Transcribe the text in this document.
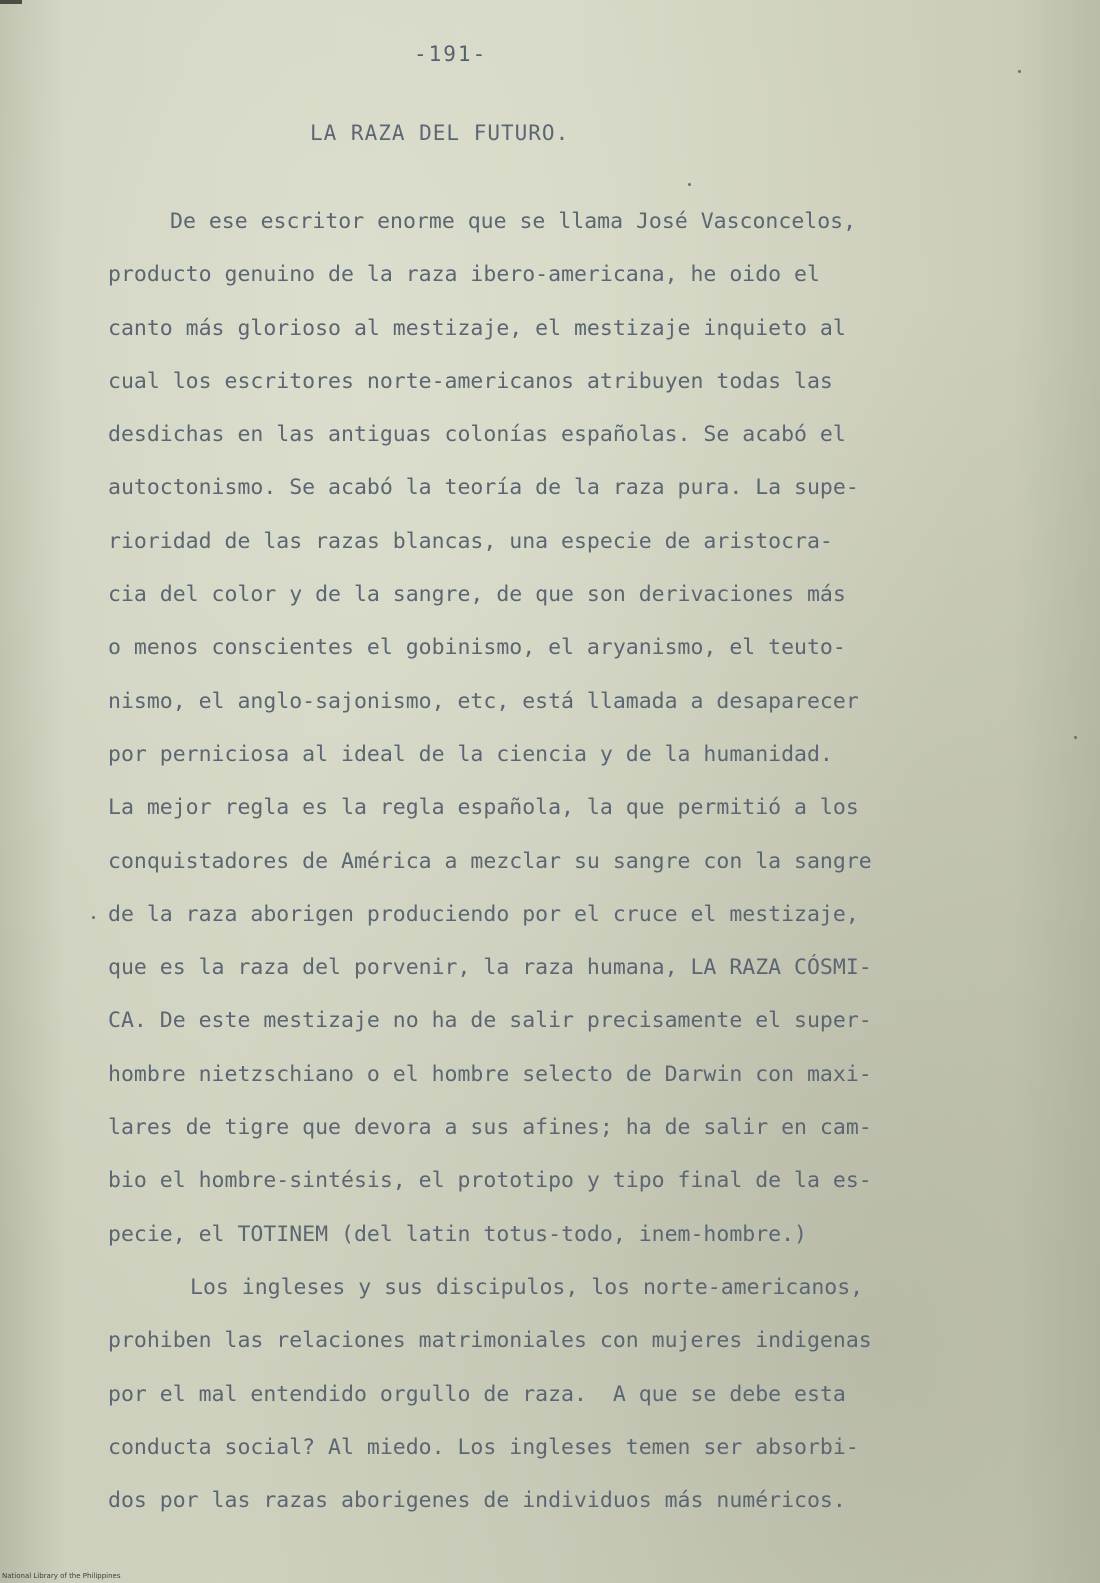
-191-
LA RAZA DEL FUTURO.
De ese escritor enorme que se llama José Vasconcelos,
producto genuino de la raza ibero-americana, he oido el
canto más glorioso al mestizaje, el mestizaje inquieto al
cual los escritores norte-americanos atribuyen todas las
desdichas en las antiguas colonías españolas. Se acabó el
autoctonismo. Se acabó la teoría de la raza pura. La supe-
rioridad de las razas blancas, una especie de aristocra-
cia del color y de la sangre, de que son derivaciones más
o menos conscientes el gobinismo, el aryanismo, el teuto-
nismo, el anglo-sajonismo, etc, está llamada a desaparecer
por perniciosa al ideal de la ciencia y de la humanidad.
La mejor regla es la regla española, la que permitió a los
conquistadores de América a mezclar su sangre con la sangre
de la raza aborigen produciendo por el cruce el mestizaje,
que es la raza del porvenir, la raza humana, LA RAZA CÓSMI-
CA. De este mestizaje no ha de salir precisamente el super-
hombre nietzschiano o el hombre selecto de Darwin con maxi-
lares de tigre que devora a sus afines; ha de salir en cam-
bio el hombre-sintésis, el prototipo y tipo final de la es-
pecie, el TOTINEM (del latin totus-todo, inem-hombre.)
Los ingleses y sus discipulos, los norte-americanos,
prohiben las relaciones matrimoniales con mujeres indigenas
por el mal entendido orgullo de raza.  A que se debe esta
conducta social? Al miedo. Los ingleses temen ser absorbi-
dos por las razas aborigenes de individuos más numéricos.
National Library of the Philippines
